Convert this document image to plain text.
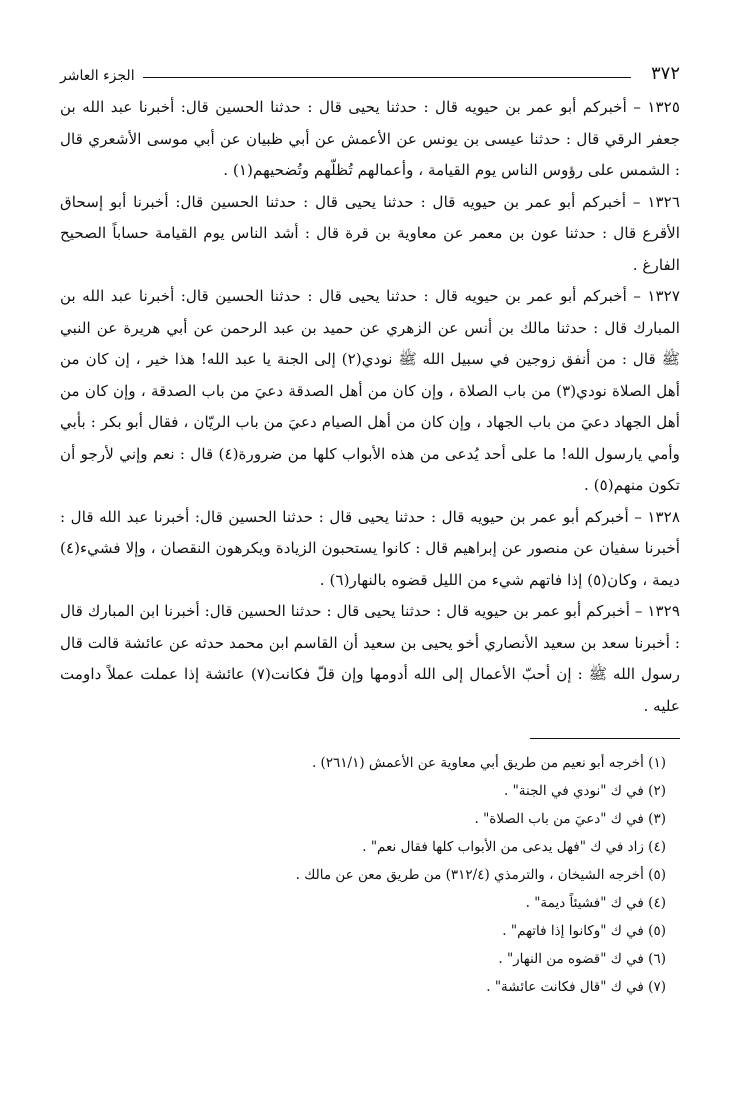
٣٧٢
الجزء العاشر

١٣٢٥ – أخبركم أبو عمر بن حيويه قال : حدثنا يحيى قال : حدثنا الحسين قال: أخبرنا عبد الله بن جعفر الرقي قال : حدثنا عيسى بن يونس عن الأعمش عن أبي ظبيان عن أبي موسى الأشعري قال : الشمس على رؤوس الناس يوم القيامة ، وأعمالهم تُظلّهم وتُضحيهم(١) .

١٣٢٦ – أخبركم أبو عمر بن حيويه قال : حدثنا يحيى قال : حدثنا الحسين قال: أخبرنا أبو إسحاق الأقرع قال : حدثنا عون بن معمر عن معاوية بن قرة قال : أشد الناس يوم القيامة حساباً الصحيح الفارغ .

١٣٢٧ – أخبركم أبو عمر بن حيويه قال : حدثنا يحيى قال : حدثنا الحسين قال: أخبرنا عبد الله بن المبارك قال : حدثنا مالك بن أنس عن الزهري عن حميد بن عبد الرحمن عن أبي هريرة عن النبي ﷺ قال : من أنفق زوجين في سبيل الله ﷺ نودي(٢) إلى الجنة يا عبد الله! هذا خير ، إن كان من أهل الصلاة نودي(٣) من باب الصلاة ، وإن كان من أهل الصدقة دعيَ من باب الصدقة ، وإن كان من أهل الجهاد دعيَ من باب الجهاد ، وإن كان من أهل الصيام دعيَ من باب الريّان ، فقال أبو بكر : بأبي وأمي يارسول الله! ما على أحد يُدعى من هذه الأبواب كلها من ضرورة(٤) قال : نعم وإني لأرجو أن تكون منهم(٥) .

١٣٢٨ – أخبركم أبو عمر بن حيويه قال : حدثنا يحيى قال : حدثنا الحسين قال: أخبرنا عبد الله قال : أخبرنا سفيان عن منصور عن إبراهيم قال : كانوا يستحبون الزيادة ويكرهون النقصان ، وإلا فشيء(٤) ديمة ، وكان(٥) إذا فاتهم شيء من الليل قضوه بالنهار(٦) .

١٣٢٩ – أخبركم أبو عمر بن حيويه قال : حدثنا يحيى قال : حدثنا الحسين قال: أخبرنا ابن المبارك قال : أخبرنا سعد بن سعيد الأنصاري أخو يحيى بن سعيد أن القاسم ابن محمد حدثه عن عائشة قالت قال رسول الله ﷺ : إن أحبّ الأعمال إلى الله أدومها وإن قلّ فكانت(٧) عائشة إذا عملت عملاً داومت عليه .

(١) أخرجه أبو نعيم من طريق أبي معاوية عن الأعمش (٢٦١/١) .
(٢) في ك "نودي في الجنة" .
(٣) في ك "دعيَ من باب الصلاة" .
(٤) زاد في ك "فهل يدعى من الأبواب كلها فقال نعم" .
(٥) أخرجه الشيخان ، والترمذي (٣١٢/٤) من طريق معن عن مالك .
(٤) في ك "فشيئاً ديمة" .
(٥) في ك "وكانوا إذا فاتهم" .
(٦) في ك "قضوه من النهار" .
(٧) في ك "قال فكانت عائشة" .
